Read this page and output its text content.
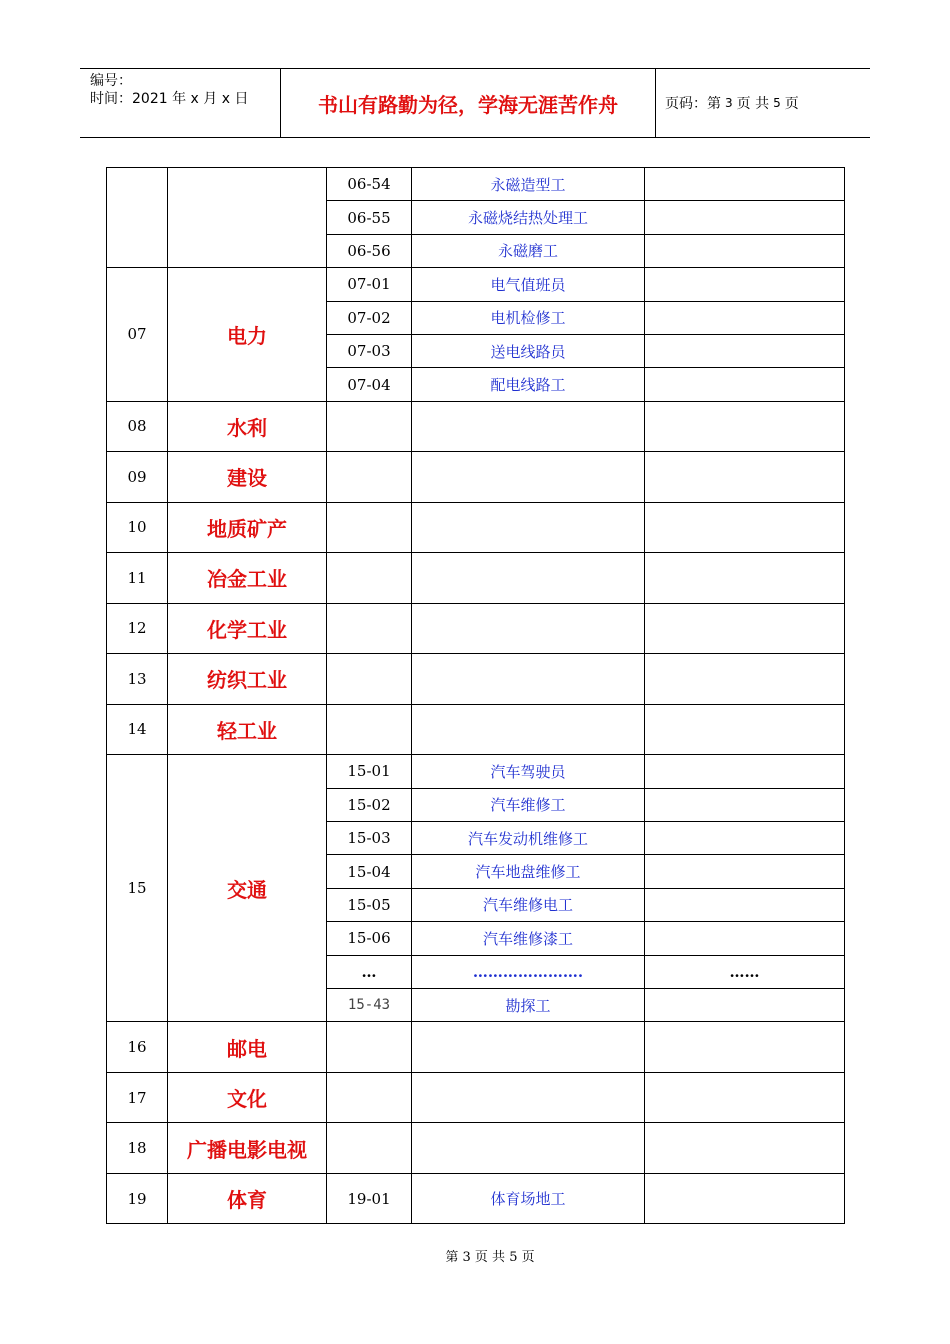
编号：
时间：2021 年 x 月 x 日	书山有路勤为径，学海无涯苦作舟	页码：第 3 页 共 5 页
		06-54	永磁造型工	
		06-55	永磁烧结热处理工	
		06-56	永磁磨工	
07	电力	07-01	电气值班员	
		07-02	电机检修工	
		07-03	送电线路员	
		07-04	配电线路工	
08	水利			
09	建设			
10	地质矿产			
11	冶金工业			
12	化学工业			
13	纺织工业			
14	轻工业			
15	交通	15-01	汽车驾驶员	
		15-02	汽车维修工	
		15-03	汽车发动机维修工	
		15-04	汽车地盘维修工	
		15-05	汽车维修电工	
		15-06	汽车维修漆工	
		…	………………….	……
		15-43	勘探工	
16	邮电			
17	文化			
18	广播电影电视			
19	体育	19-01	体育场地工	
第 3 页 共 5 页
